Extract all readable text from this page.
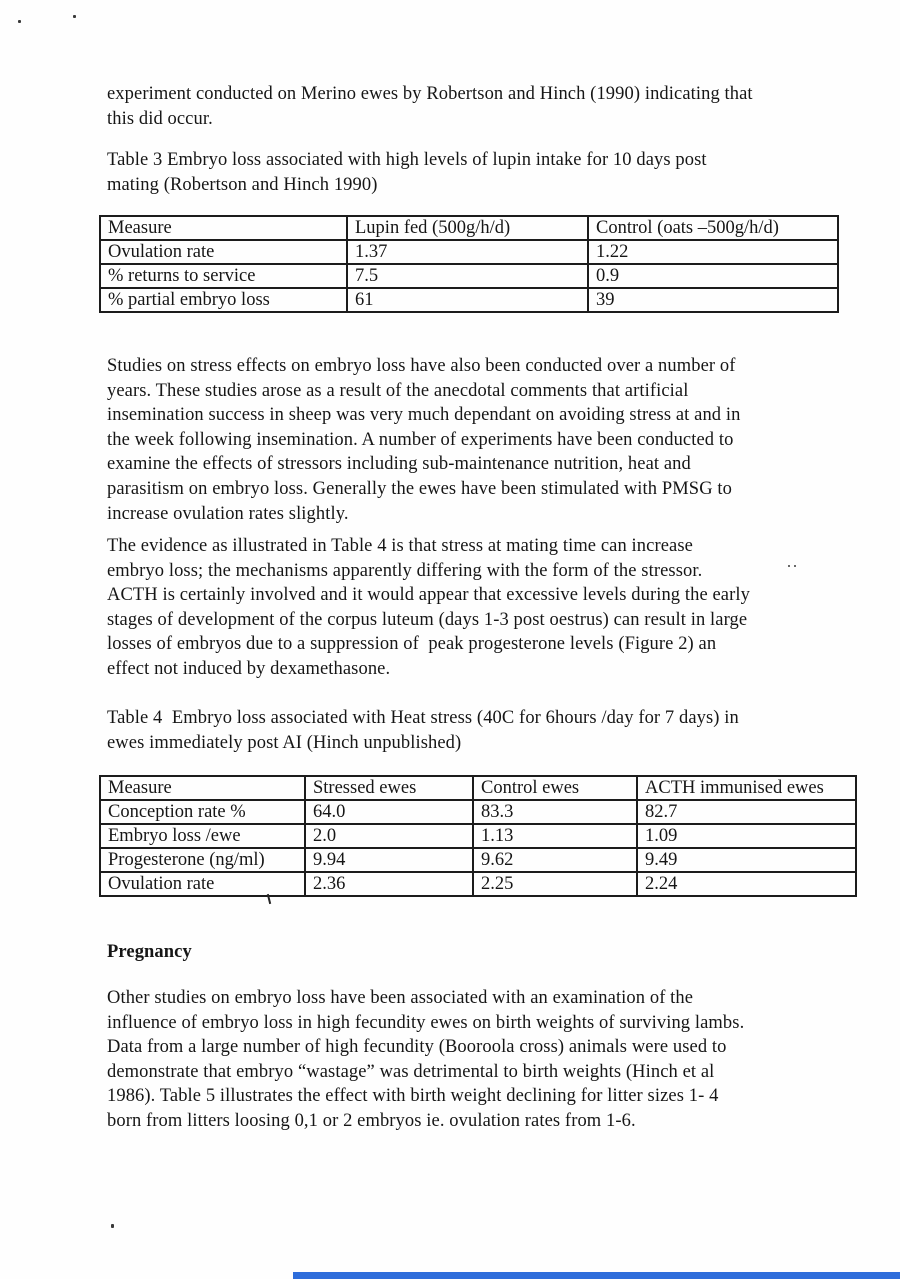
experiment conducted on Merino ewes by Robertson and Hinch (1990) indicating that
this did occur.
Table 3 Embryo loss associated with high levels of lupin intake for 10 days post
mating (Robertson and Hinch 1990)
Measure	Lupin fed (500g/h/d)	Control (oats –500g/h/d)
Ovulation rate	1.37	1.22
% returns to service	7.5	0.9
% partial embryo loss	61	39
Studies on stress effects on embryo loss have also been conducted over a number of
years. These studies arose as a result of the anecdotal comments that artificial
insemination success in sheep was very much dependant on avoiding stress at and in
the week following insemination. A number of experiments have been conducted to
examine the effects of stressors including sub-maintenance nutrition, heat and
parasitism on embryo loss. Generally the ewes have been stimulated with PMSG to
increase ovulation rates slightly.
The evidence as illustrated in Table 4 is that stress at mating time can increase
embryo loss; the mechanisms apparently differing with the form of the stressor.
ACTH is certainly involved and it would appear that excessive levels during the early
stages of development of the corpus luteum (days 1-3 post oestrus) can result in large
losses of embryos due to a suppression of  peak progesterone levels (Figure 2) an
effect not induced by dexamethasone.
Table 4  Embryo loss associated with Heat stress (40C for 6hours /day for 7 days) in
ewes immediately post AI (Hinch unpublished)
Measure	Stressed ewes	Control ewes	ACTH immunised ewes
Conception rate %	64.0	83.3	82.7
Embryo loss /ewe	2.0	1.13	1.09
Progesterone (ng/ml)	9.94	9.62	9.49
Ovulation rate	2.36	2.25	2.24
Pregnancy
Other studies on embryo loss have been associated with an examination of the
influence of embryo loss in high fecundity ewes on birth weights of surviving lambs.
Data from a large number of high fecundity (Booroola cross) animals were used to
demonstrate that embryo “wastage” was detrimental to birth weights (Hinch et al
1986). Table 5 illustrates the effect with birth weight declining for litter sizes 1- 4
born from litters loosing 0,1 or 2 embryos ie. ovulation rates from 1-6.
